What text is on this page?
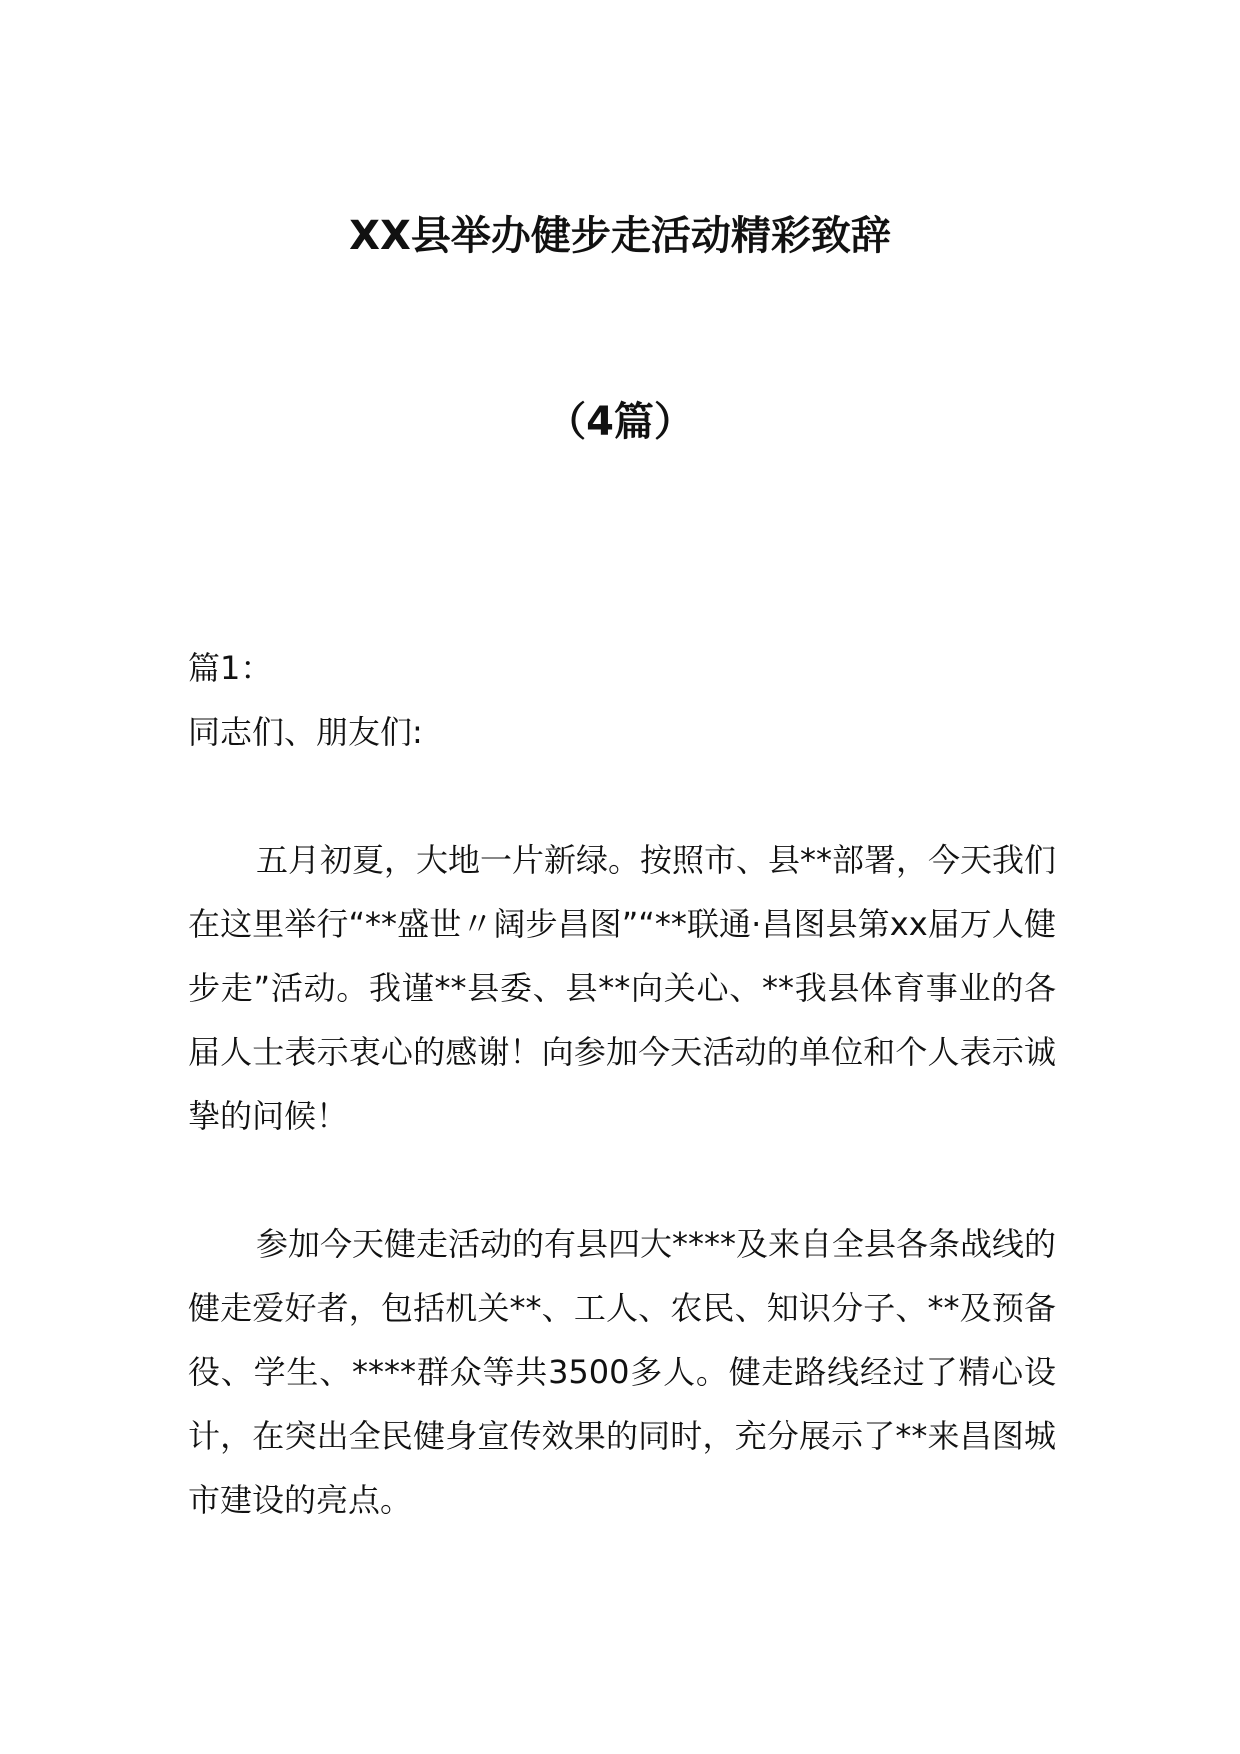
XX县举办健步走活动精彩致辞
（4篇）

篇1：

同志们、朋友们:

五月初夏，大地一片新绿。按照市、县**部署，今天我们在这里举行“**盛世〃阔步昌图”“**联通·昌图县第xx届万人健步走”活动。我谨**县委、县**向关心、**我县体育事业的各届人士表示衷心的感谢！向参加今天活动的单位和个人表示诚挚的问候！

参加今天健走活动的有县四大****及来自全县各条战线的健走爱好者，包括机关**、工人、农民、知识分子、**及预备役、学生、****群众等共3500多人。健走路线经过了精心设计，在突出全民健身宣传效果的同时，充分展示了**来昌图城市建设的亮点。
